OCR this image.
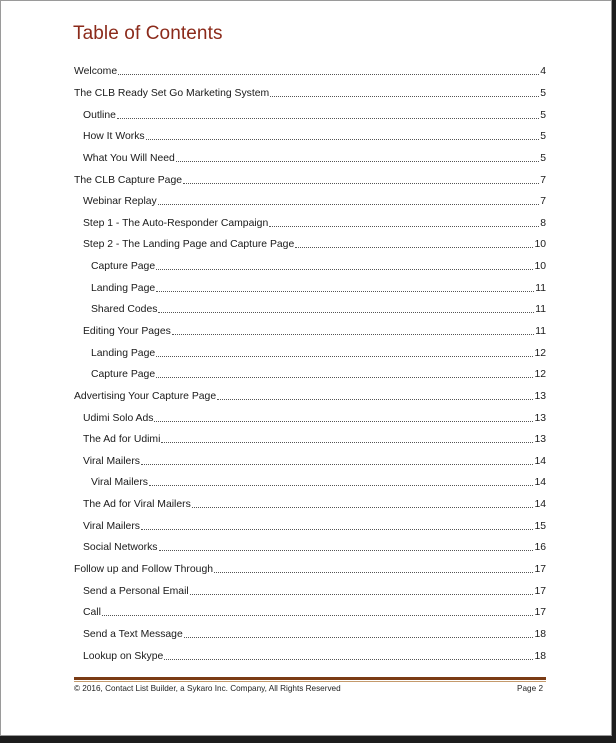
Table of Contents
Welcome	4
The CLB Ready Set Go Marketing System	5
Outline	5
How It Works	5
What You Will Need	5
The CLB Capture Page	7
Webinar Replay	7
Step 1 - The Auto-Responder Campaign	8
Step 2 - The Landing Page and Capture Page	10
Capture Page	10
Landing Page	11
Shared Codes	11
Editing Your Pages	11
Landing Page	12
Capture Page	12
Advertising Your Capture Page	13
Udimi Solo Ads	13
The Ad for Udimi	13
Viral Mailers	14
Viral Mailers	14
The Ad for Viral Mailers	14
Viral Mailers	15
Social Networks	16
Follow up and Follow Through	17
Send a Personal Email	17
Call	17
Send a Text Message	18
Lookup on Skype	18
© 2016, Contact List Builder, a Sykaro Inc. Company, All Rights Reserved	Page 2
